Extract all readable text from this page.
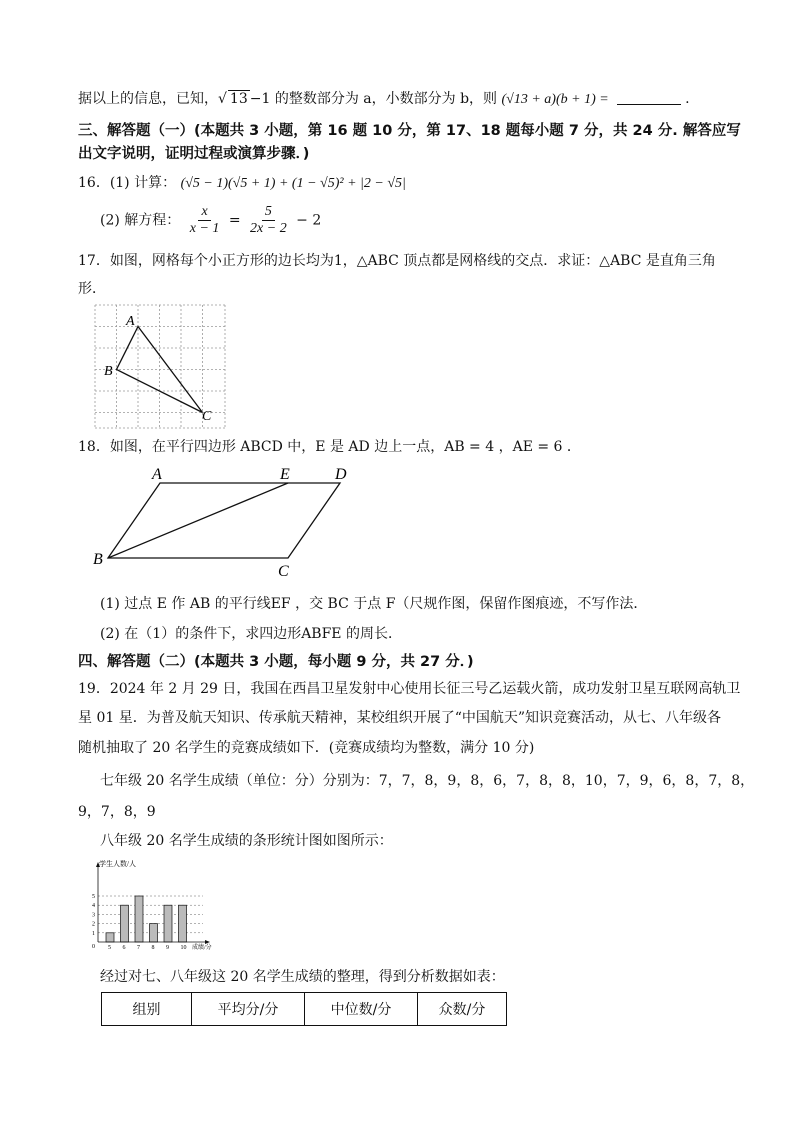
据以上的信息，已知，√ 13 −1 的整数部分为 a，小数部分为 b，则 (√13 + a)(b + 1) =	.
三、解答题（一）(本题共 3 小题，第 16 题 10 分，第 17、18 题每小题 7 分，共 24 分. 解答应写
出文字说明，证明过程或演算步骤．)
16．(1) 计算： (√5 − 1)(√5 + 1) + (1 − √5)² + |2 − √5|
(2) 解方程： $\frac{x}{x - 1} = \frac{5}{2x - 2} - 2$
17．如图，网格每个小正方形的边长均为1，△ABC 顶点都是网格线的交点．求证：△ABC 是直角三角
形．
A
B
C
18．如图，在平行四边形 ABCD 中，E 是 AD 边上一点，AB = 4 ，AE = 6 ．
A	E	D
B
C
(1) 过点 E 作 AB 的平行线EF ，交 BC 于点 F（尺规作图，保留作图痕迹，不写作法．
(2) 在（1）的条件下，求四边形ABFE 的周长．
四、解答题（二）(本题共 3 小题，每小题 9 分，共 27 分．)
19．2024 年 2 月 29 日，我国在西昌卫星发射中心使用长征三号乙运载火箭，成功发射卫星互联网高轨卫
星 01 星．为普及航天知识、传承航天精神，某校组织开展了“中国航天”知识竞赛活动，从七、八年级各
随机抽取了 20 名学生的竞赛成绩如下．(竞赛成绩均为整数，满分 10 分)
七年级 20 名学生成绩（单位：分）分别为：7，7，8，9，8，6，7，8，8，10，7，9，6，8，7，8，
9，7，8，9
八年级 20 名学生成绩的条形统计图如图所示：
1
2
3
4
5
5 6 7 8 9 10
学生人数/人
成绩/分
0
经过对七、八年级这 20 名学生成绩的整理，得到分析数据如表：
组别	平均分/分	中位数/分	众数/分
